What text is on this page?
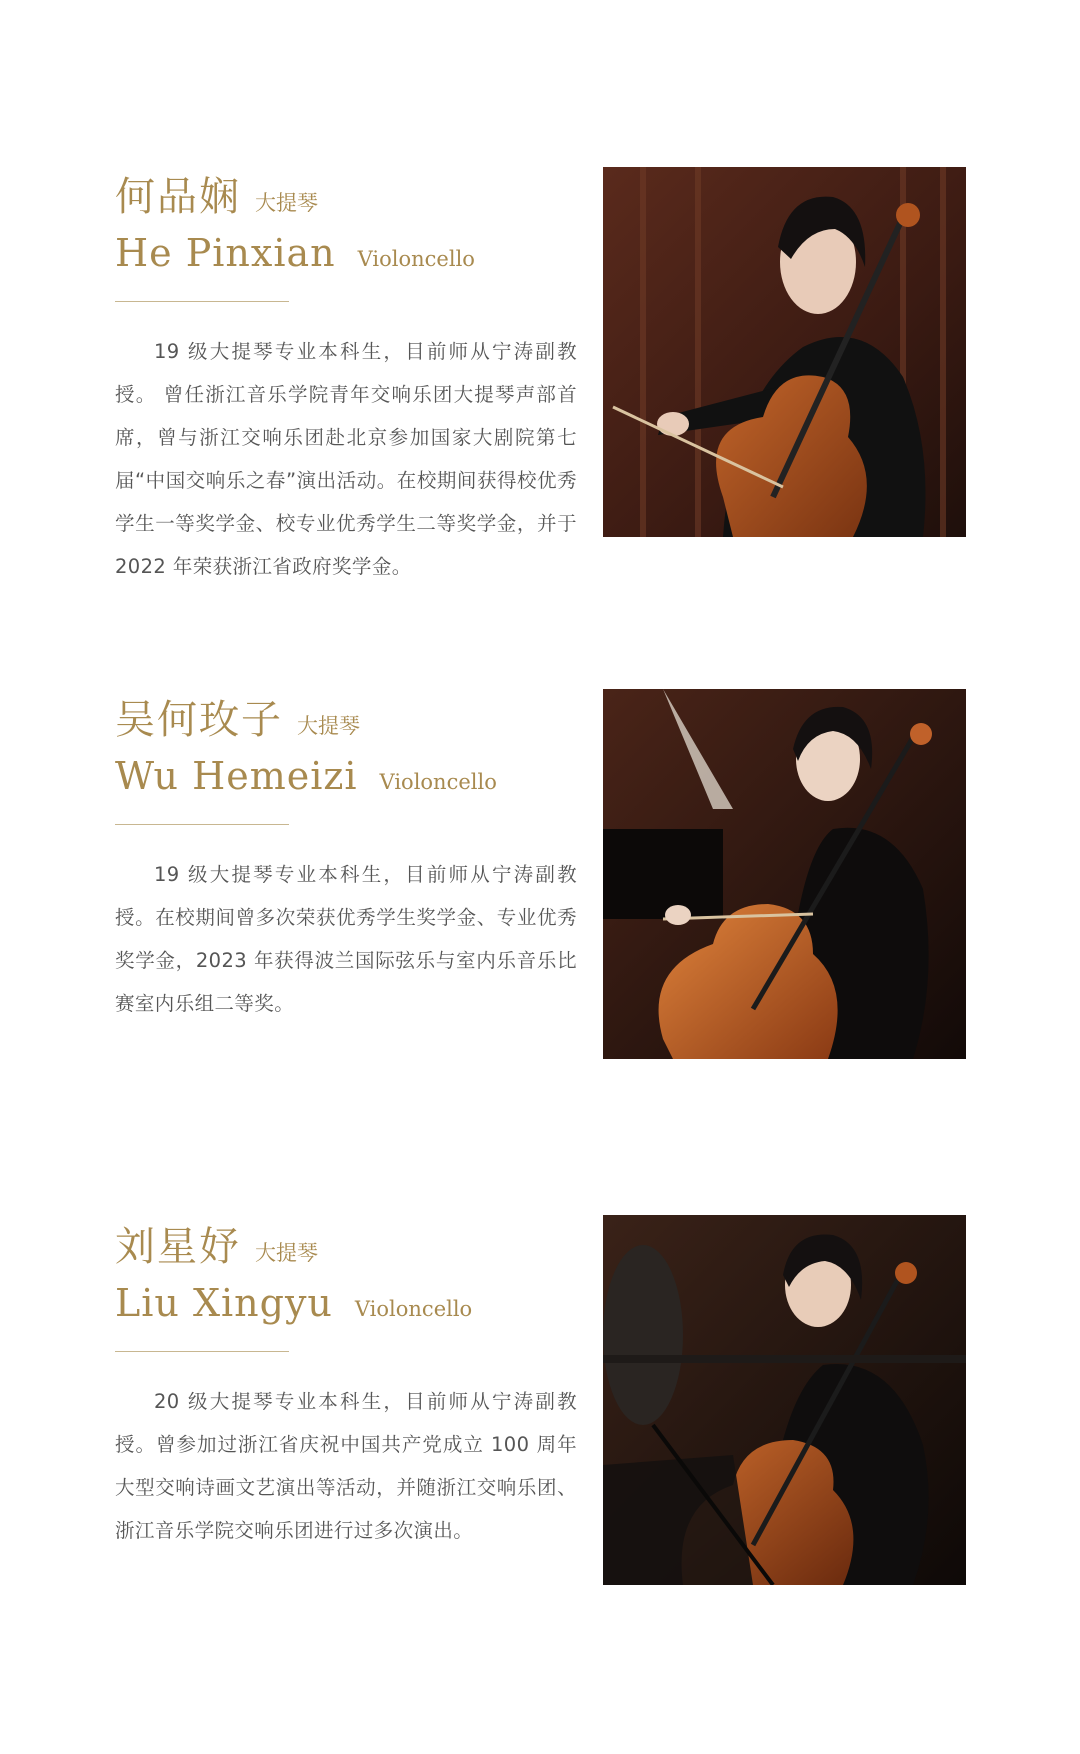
何品娴 大提琴
He Pinxian Violoncello

19 级大提琴专业本科生，目前师从宁涛副教授。 曾任浙江音乐学院青年交响乐团大提琴声部首席，曾与浙江交响乐团赴北京参加国家大剧院第七届“中国交响乐之春”演出活动。在校期间获得校优秀学生一等奖学金、校专业优秀学生二等奖学金，并于 2022 年荣获浙江省政府奖学金。

吴何玫子 大提琴
Wu Hemeizi Violoncello

19 级大提琴专业本科生，目前师从宁涛副教授。在校期间曾多次荣获优秀学生奖学金、专业优秀奖学金，2023 年获得波兰国际弦乐与室内乐音乐比赛室内乐组二等奖。

刘星妤 大提琴
Liu Xingyu Violoncello

20 级大提琴专业本科生，目前师从宁涛副教授。曾参加过浙江省庆祝中国共产党成立 100 周年大型交响诗画文艺演出等活动，并随浙江交响乐团、浙江音乐学院交响乐团进行过多次演出。
